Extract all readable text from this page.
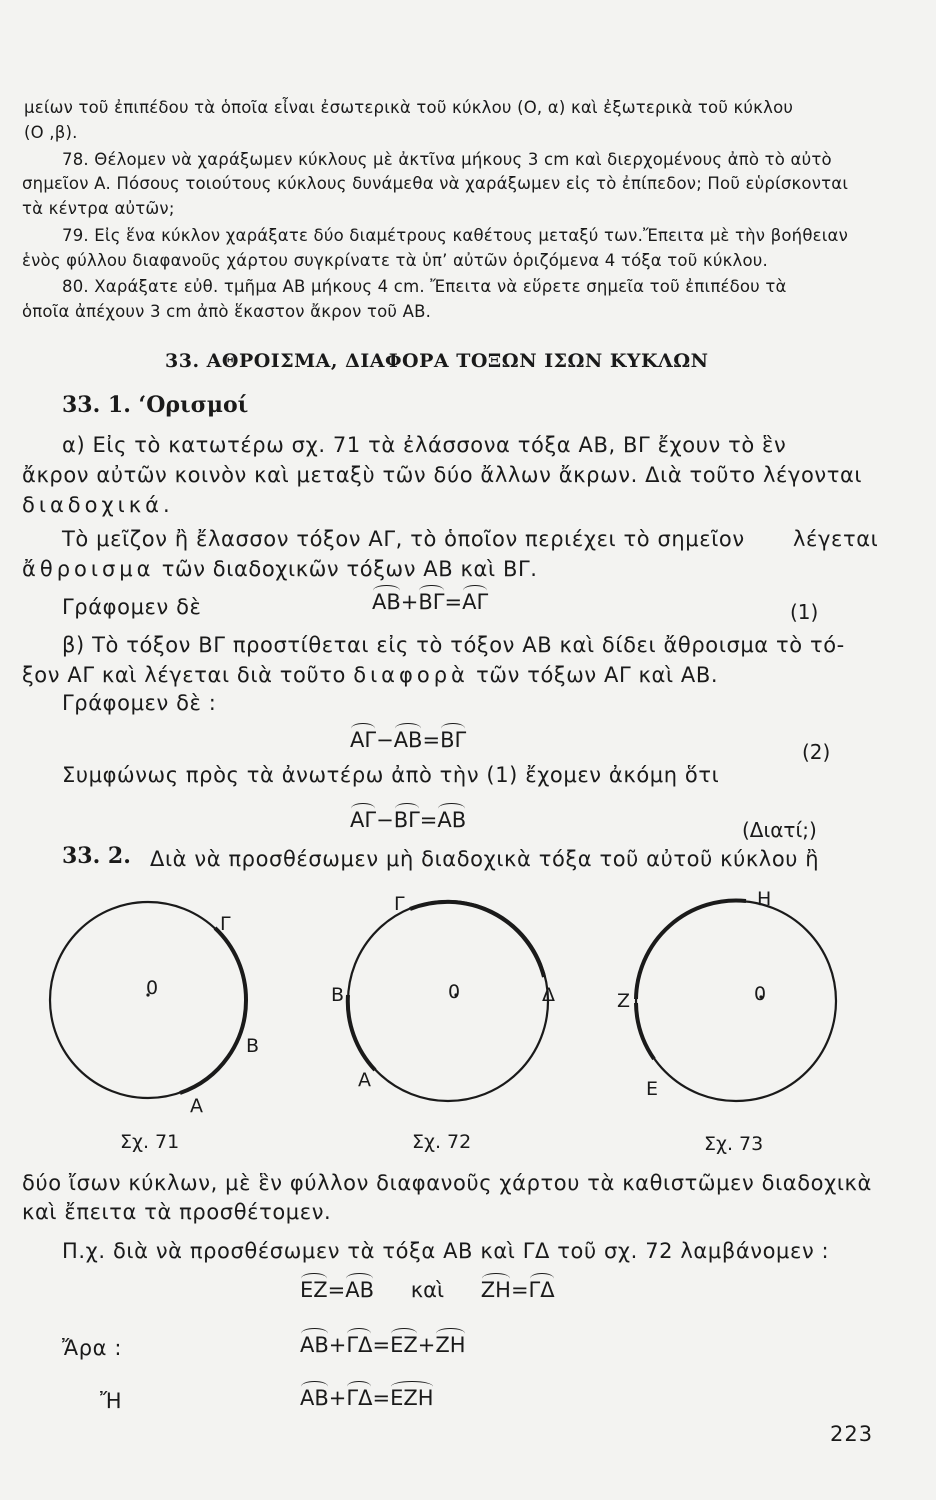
μείων τοῦ ἐπιπέδου τὰ ὁποῖα εἶναι ἐσωτερικὰ τοῦ κύκλου (Ο, α) καὶ ἐξωτερικὰ τοῦ κύκλου
(Ο ,β).
78. Θέλομεν νὰ χαράξωμεν κύκλους μὲ ἀκτῖνα μήκους 3 cm καὶ διερχομένους ἀπὸ τὸ αὐτὸ
σημεῖον Α. Πόσους τοιούτους κύκλους δυνάμεθα νὰ χαράξωμεν εἰς τὸ ἐπίπεδον; Ποῦ εὑρίσκονται
τὰ κέντρα αὐτῶν;
79. Εἰς ἕνα κύκλον χαράξατε δύο διαμέτρους καθέτους μεταξύ των.Ἔπειτα μὲ τὴν βοήθειαν
ἑνὸς φύλλου διαφανοῦς χάρτου συγκρίνατε τὰ ὑπ’ αὐτῶν ὁριζόμενα 4 τόξα τοῦ κύκλου.
80. Χαράξατε εὐθ. τμῆμα ΑΒ μήκους 4 cm. Ἔπειτα νὰ εὕρετε σημεῖα τοῦ ἐπιπέδου τὰ
ὁποῖα ἀπέχουν 3 cm ἀπὸ ἕκαστον ἄκρον τοῦ ΑΒ.
33. ΑΘΡΟΙΣΜΑ, ΔΙΑΦΟΡΑ ΤΟΞΩΝ ΙΣΩΝ ΚΥΚΛΩΝ
33. 1. ‘Ορισμοί
α) Εἰς τὸ κατωτέρω σχ. 71 τὰ ἐλάσσονα τόξα ΑΒ, ΒΓ ἔχουν τὸ ἓν
ἄκρον αὐτῶν κοινὸν καὶ μεταξὺ τῶν δύο ἄλλων ἄκρων. Διὰ τοῦτο λέγονται
διαδοχικά.
Τὸ μεῖζον ἢ ἔλασσον τόξον ΑΓ, τὸ ὁποῖον περιέχει τὸ σημεῖον λέγεται
ἄθροισμα τῶν διαδοχικῶν τόξων ΑΒ καὶ ΒΓ.
Γράφομεν δὲ	ΑΒ+ΒΓ=ΑΓ	(1)
β) Τὸ τόξον ΒΓ προστίθεται εἰς τὸ τόξον ΑΒ καὶ δίδει ἄθροισμα τὸ τό-
ξον ΑΓ καὶ λέγεται διὰ τοῦτο διαφορὰ τῶν τόξων ΑΓ καὶ ΑΒ.
Γράφομεν δὲ :
ΑΓ−ΑΒ=ΒΓ	(2)
Συμφώνως πρὸς τὰ ἀνωτέρω ἀπὸ τὴν (1) ἔχομεν ἀκόμη ὅτι
ΑΓ−ΒΓ=ΑΒ	(Διατί;)
33. 2. Διὰ νὰ προσθέσωμεν μὴ διαδοχικὰ τόξα τοῦ αὐτοῦ κύκλου ἢ
0
Γ
Β
Α
Σχ. 71
0
Γ
Δ
Β
Α
Σχ. 72
0
Η
Ζ
Ε
Σχ. 73
δύο ἴσων κύκλων, μὲ ἓν φύλλον διαφανοῦς χάρτου τὰ καθιστῶμεν διαδοχικὰ
καὶ ἔπειτα τὰ προσθέτομεν.
Π.χ. διὰ νὰ προσθέσωμεν τὰ τόξα ΑΒ καὶ ΓΔ τοῦ σχ. 72 λαμβάνομεν :
ΕΖ=ΑΒ καὶ ΖΗ=ΓΔ
Ἄρα :	ΑΒ+ΓΔ=ΕΖ+ΖΗ
Ἤ	ΑΒ+ΓΔ=ΕΖΗ
223
